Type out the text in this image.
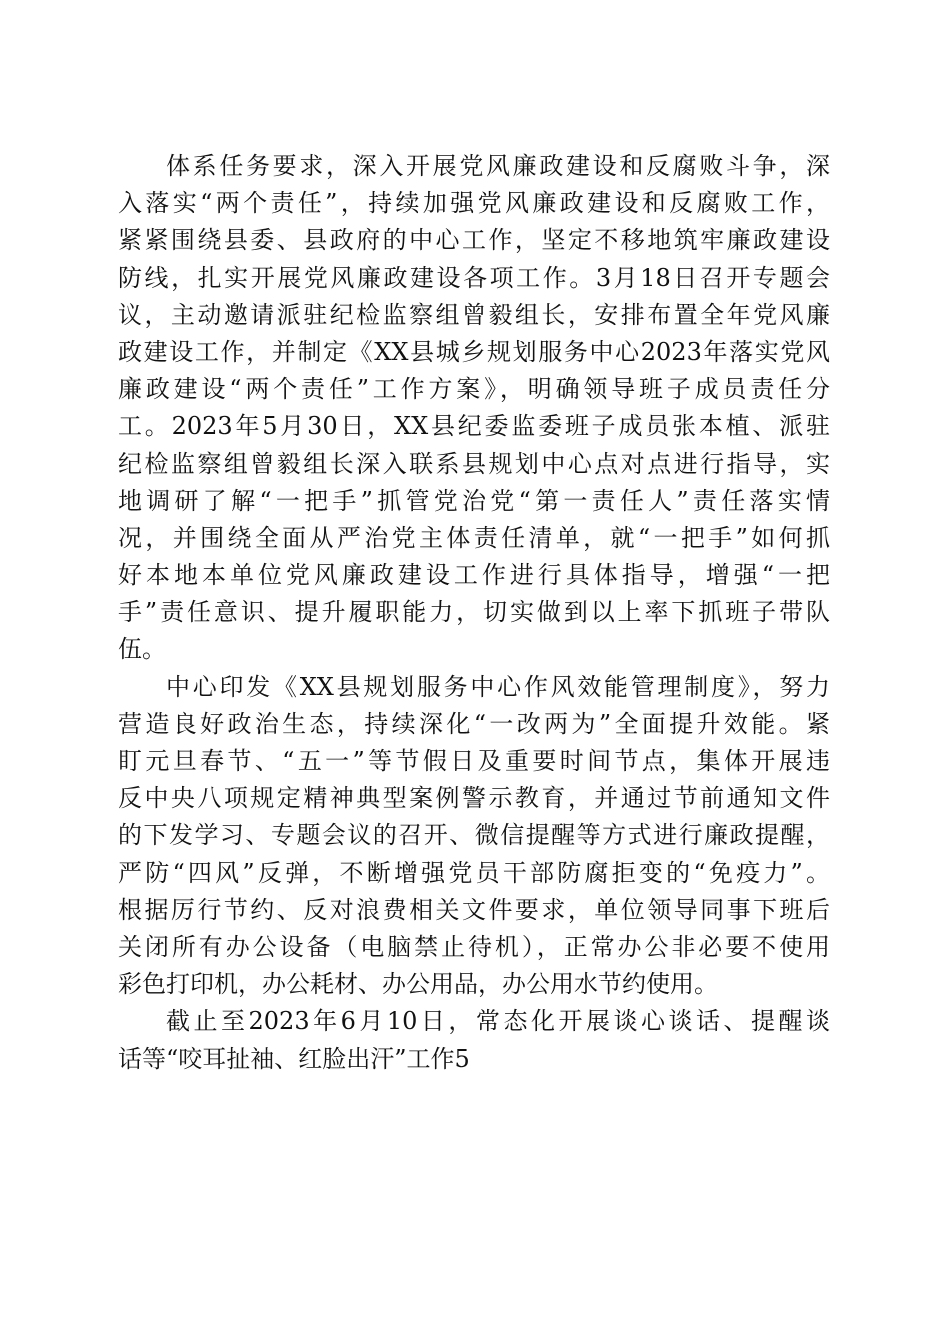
体系任务要求，深入开展党风廉政建设和反腐败斗争，深
入落实“两个责任”，持续加强党风廉政建设和反腐败工作，
紧紧围绕县委、县政府的中心工作，坚定不移地筑牢廉政建设
防线，扎实开展党风廉政建设各项工作。3月18日召开专题会
议，主动邀请派驻纪检监察组曾毅组长，安排布置全年党风廉
政建设工作，并制定《XX县城乡规划服务中心2023年落实党风
廉政建设“两个责任”工作方案》，明确领导班子成员责任分
工。2023年5月30日，XX县纪委监委班子成员张本植、派驻
纪检监察组曾毅组长深入联系县规划中心点对点进行指导，实
地调研了解“一把手”抓管党治党“第一责任人”责任落实情
况，并围绕全面从严治党主体责任清单，就“一把手”如何抓
好本地本单位党风廉政建设工作进行具体指导，增强“一把
手”责任意识、提升履职能力，切实做到以上率下抓班子带队
伍。
中心印发《XX县规划服务中心作风效能管理制度》，努力
营造良好政治生态，持续深化“一改两为”全面提升效能。紧
盯元旦春节、“五一”等节假日及重要时间节点，集体开展违
反中央八项规定精神典型案例警示教育，并通过节前通知文件
的下发学习、专题会议的召开、微信提醒等方式进行廉政提醒，
严防“四风”反弹，不断增强党员干部防腐拒变的“免疫力”。
根据厉行节约、反对浪费相关文件要求，单位领导同事下班后
关闭所有办公设备（电脑禁止待机），正常办公非必要不使用
彩色打印机，办公耗材、办公用品，办公用水节约使用。
截止至2023年6月10日，常态化开展谈心谈话、提醒谈
话等“咬耳扯袖、红脸出汗”工作5
